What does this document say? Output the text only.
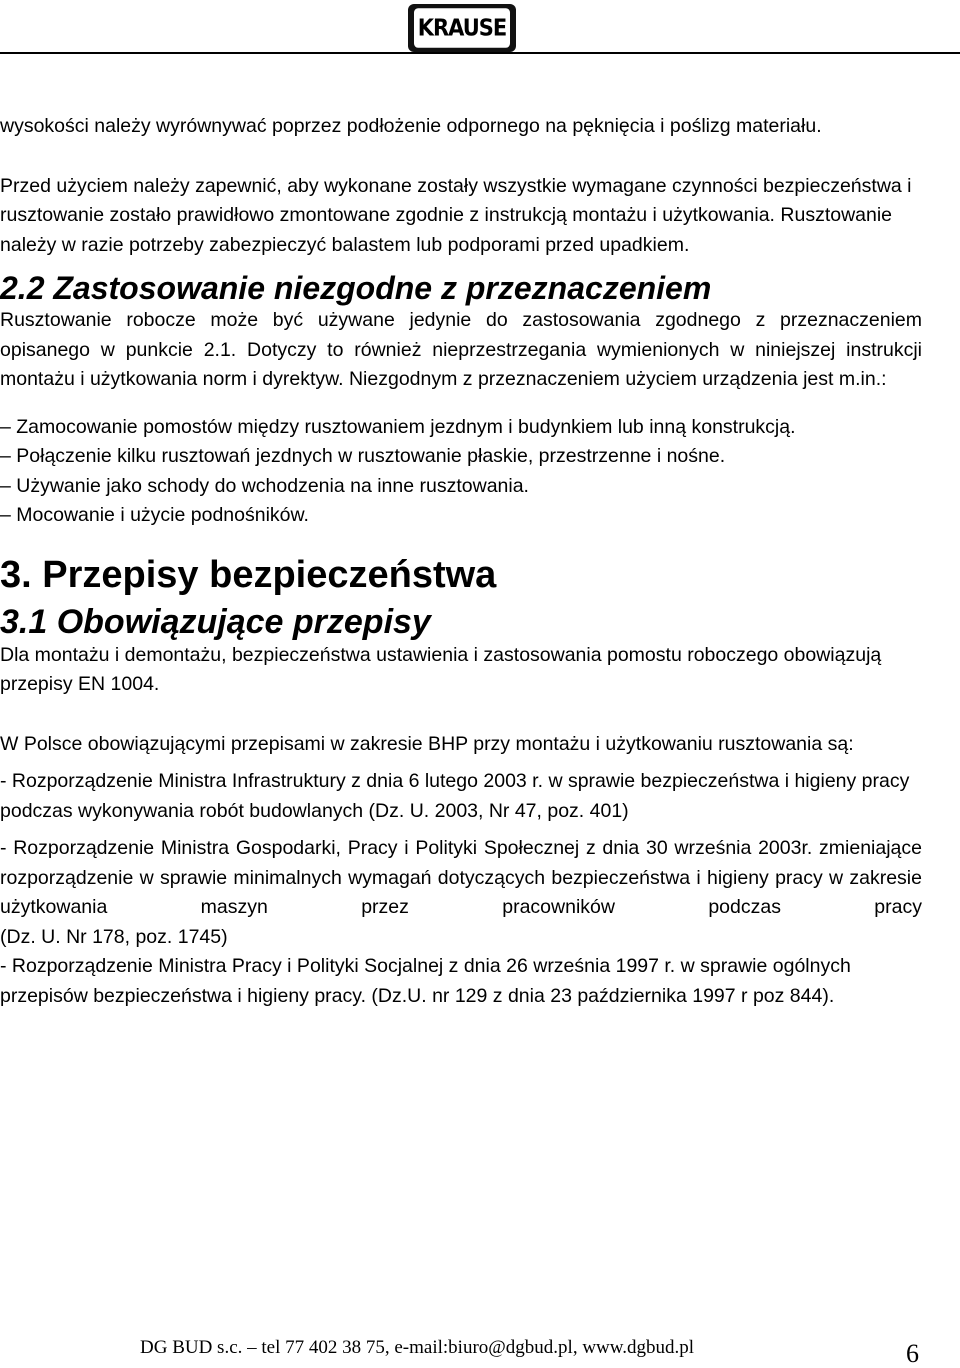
KRAUSE

wysokości należy wyrównywać poprzez podłożenie odpornego na pęknięcia i poślizg materiału.

Przed użyciem należy zapewnić, aby wykonane zostały wszystkie wymagane czynności bezpieczeństwa i rusztowanie zostało prawidłowo zmontowane zgodnie z instrukcją montażu i użytkowania. Rusztowanie należy w razie potrzeby zabezpieczyć balastem lub podporami przed upadkiem.

2.2 Zastosowanie niezgodne z przeznaczeniem

Rusztowanie robocze może być używane jedynie do zastosowania zgodnego z przeznaczeniem opisanego w punkcie 2.1. Dotyczy to również nieprzestrzegania wymienionych w niniejszej instrukcji montażu i użytkowania norm i dyrektyw. Niezgodnym z przeznaczeniem użyciem urządzenia jest m.in.:

– Zamocowanie pomostów między rusztowaniem jezdnym i budynkiem lub inną konstrukcją.

– Połączenie kilku rusztowań jezdnych w rusztowanie płaskie, przestrzenne i nośne.

– Używanie jako schody do wchodzenia na inne rusztowania.

– Mocowanie i użycie podnośników.

3. Przepisy bezpieczeństwa
3.1 Obowiązujące przepisy

Dla montażu i demontażu, bezpieczeństwa ustawienia i zastosowania pomostu roboczego obowiązują przepisy EN 1004.

W Polsce obowiązującymi przepisami w zakresie BHP przy montażu i użytkowaniu rusztowania są:

- Rozporządzenie Ministra Infrastruktury z dnia 6 lutego 2003 r. w sprawie bezpieczeństwa i higieny pracy podczas wykonywania robót budowlanych (Dz. U. 2003, Nr 47, poz. 401)

- Rozporządzenie Ministra Gospodarki, Pracy i Polityki Społecznej z dnia 30 września 2003r. zmieniające rozporządzenie w sprawie minimalnych wymagań dotyczących bezpieczeństwa i higieny pracy w zakresie użytkowania maszyn przez pracowników podczas pracy

(Dz. U. Nr 178, poz. 1745)

- Rozporządzenie Ministra Pracy i Polityki Socjalnej z dnia 26 września 1997 r. w sprawie ogólnych przepisów bezpieczeństwa i higieny pracy. (Dz.U. nr 129 z dnia 23 października 1997 r poz 844).

DG BUD s.c. – tel 77 402 38 75, e-mail:biuro@dgbud.pl, www.dgbud.pl	6
